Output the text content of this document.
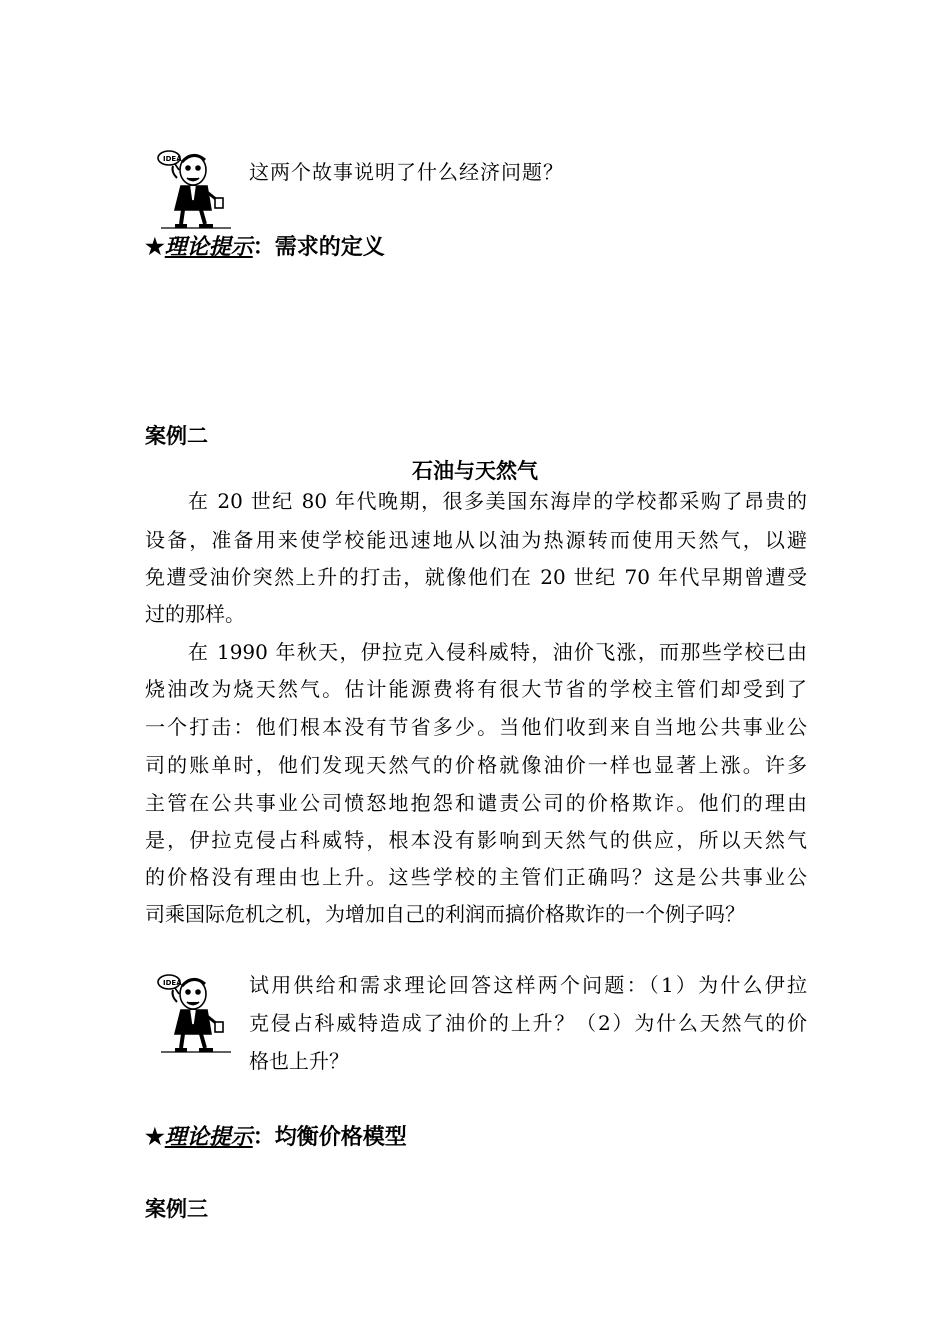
IDEA
这两个故事说明了什么经济问题？
★理论提示：需求的定义
案例二
石油与天然气
在 20 世纪 80 年代晚期，很多美国东海岸的学校都采购了昂贵的
设备，准备用来使学校能迅速地从以油为热源转而使用天然气，以避
免遭受油价突然上升的打击，就像他们在 20 世纪 70 年代早期曾遭受
过的那样。
在 1990 年秋天，伊拉克入侵科威特，油价飞涨，而那些学校已由
烧油改为烧天然气。估计能源费将有很大节省的学校主管们却受到了
一个打击：他们根本没有节省多少。当他们收到来自当地公共事业公
司的账单时，他们发现天然气的价格就像油价一样也显著上涨。许多
主管在公共事业公司愤怒地抱怨和谴责公司的价格欺诈。他们的理由
是，伊拉克侵占科威特，根本没有影响到天然气的供应，所以天然气
的价格没有理由也上升。这些学校的主管们正确吗？这是公共事业公
司乘国际危机之机，为增加自己的利润而搞价格欺诈的一个例子吗？
IDEA	试用供给和需求理论回答这样两个问题：（1）为什么伊拉
克侵占科威特造成了油价的上升？（2）为什么天然气的价
格也上升？
★理论提示：均衡价格模型
案例三
